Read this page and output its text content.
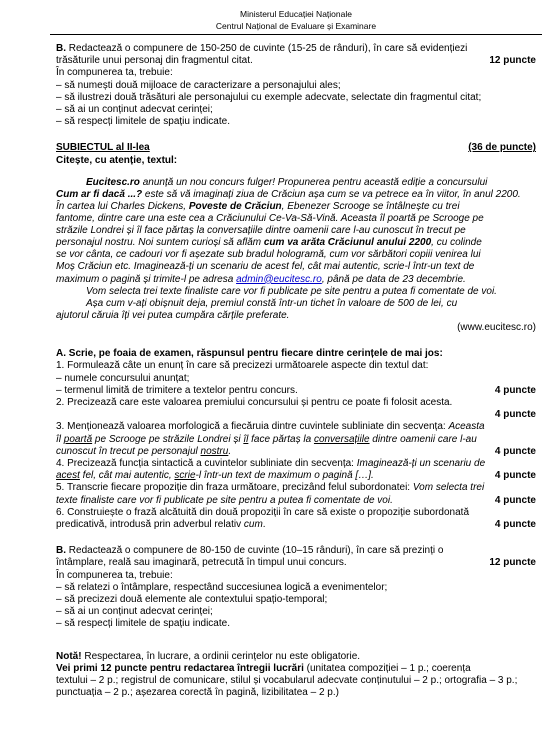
Ministerul Educației Naționale
Centrul Național de Evaluare și Examinare
B. Redactează o compunere de 150-250 de cuvinte (15-25 de rânduri), în care să evidențiezi
trăsăturile unui personaj din fragmentul citat.	12 puncte
În compunerea ta, trebuie:
– să numești două mijloace de caracterizare a personajului ales;
– să ilustrezi două trăsături ale personajului cu exemple adecvate, selectate din fragmentul citat;
– să ai un conținut adecvat cerinței;
– să respecți limitele de spațiu indicate.
SUBIECTUL al II-lea	(36 de puncte)
Citește, cu atenție, textul:
Eucitesc.ro anunță un nou concurs fulger! Propunerea pentru această ediție a concursului
Cum ar fi dacă ...? este să vă imaginați ziua de Crăciun așa cum se va petrece ea în viitor, în anul 2200.
În cartea lui Charles Dickens, Poveste de Crăciun, Ebenezer Scrooge se întâlnește cu trei
fantome, dintre care una este cea a Crăciunului Ce-Va-Să-Vină. Aceasta îl poartă pe Scrooge pe
străzile Londrei și îl face părtaș la conversațiile dintre oamenii care l-au cunoscut în trecut pe
personajul nostru. Noi suntem curioși să aflăm cum va arăta Crăciunul anului 2200, cu colinde
se vor cânta, ce cadouri vor fi așezate sub bradul hologramă, cum vor sărbători copiii venirea lui
Moș Crăciun etc. Imaginează-ți un scenariu de acest fel, cât mai autentic, scrie-l într-un text de
maximum o pagină și trimite-l pe adresa admin@eucitesc.ro, până pe data de 23 decembrie.
Vom selecta trei texte finaliste care vor fi publicate pe site pentru a putea fi comentate de voi.
Așa cum v-ați obișnuit deja, premiul constă într-un tichet în valoare de 500 de lei, cu
ajutorul căruia îți vei putea cumpăra cărțile preferate.
(www.eucitesc.ro)
A. Scrie, pe foaia de examen, răspunsul pentru fiecare dintre cerințele de mai jos:
1. Formulează câte un enunț în care să precizezi următoarele aspecte din textul dat:
– numele concursului anunțat;
– termenul limită de trimitere a textelor pentru concurs.	4 puncte
2. Precizează care este valoarea premiului concursului și pentru ce poate fi folosit acesta.
4 puncte
3. Menționează valoarea morfologică a fiecăruia dintre cuvintele subliniate din secvența: Aceasta
îl poartă pe Scrooge pe străzile Londrei și îl face părtaș la conversațiile dintre oamenii care l-au
cunoscut în trecut pe personajul nostru.	4 puncte
4. Precizează funcția sintactică a cuvintelor subliniate din secvența: Imaginează-ți un scenariu de
acest fel, cât mai autentic, scrie-l într-un text de maximum o pagină […].	4 puncte
5. Transcrie fiecare propoziție din fraza următoare, precizând felul subordonatei: Vom selecta trei
texte finaliste care vor fi publicate pe site pentru a putea fi comentate de voi.	4 puncte
6. Construiește o frază alcătuită din două propoziții în care să existe o propoziție subordonată
predicativă, introdusă prin adverbul relativ cum.	4 puncte
B. Redactează o compunere de 80-150 de cuvinte (10–15 rânduri), în care să prezinți o
întâmplare, reală sau imaginară, petrecută în timpul unui concurs.	12 puncte
În compunerea ta, trebuie:
– să relatezi o întâmplare, respectând succesiunea logică a evenimentelor;
– să precizezi două elemente ale contextului spațio-temporal;
– să ai un conținut adecvat cerinței;
– să respecți limitele de spațiu indicate.
Notă! Respectarea, în lucrare, a ordinii cerințelor nu este obligatorie.
Vei primi 12 puncte pentru redactarea întregii lucrări (unitatea compoziției – 1 p.; coerența
textului – 2 p.; registrul de comunicare, stilul și vocabularul adecvate conținutului – 2 p.; ortografia – 3 p.;
punctuația – 2 p.; așezarea corectă în pagină, lizibilitatea – 2 p.)
